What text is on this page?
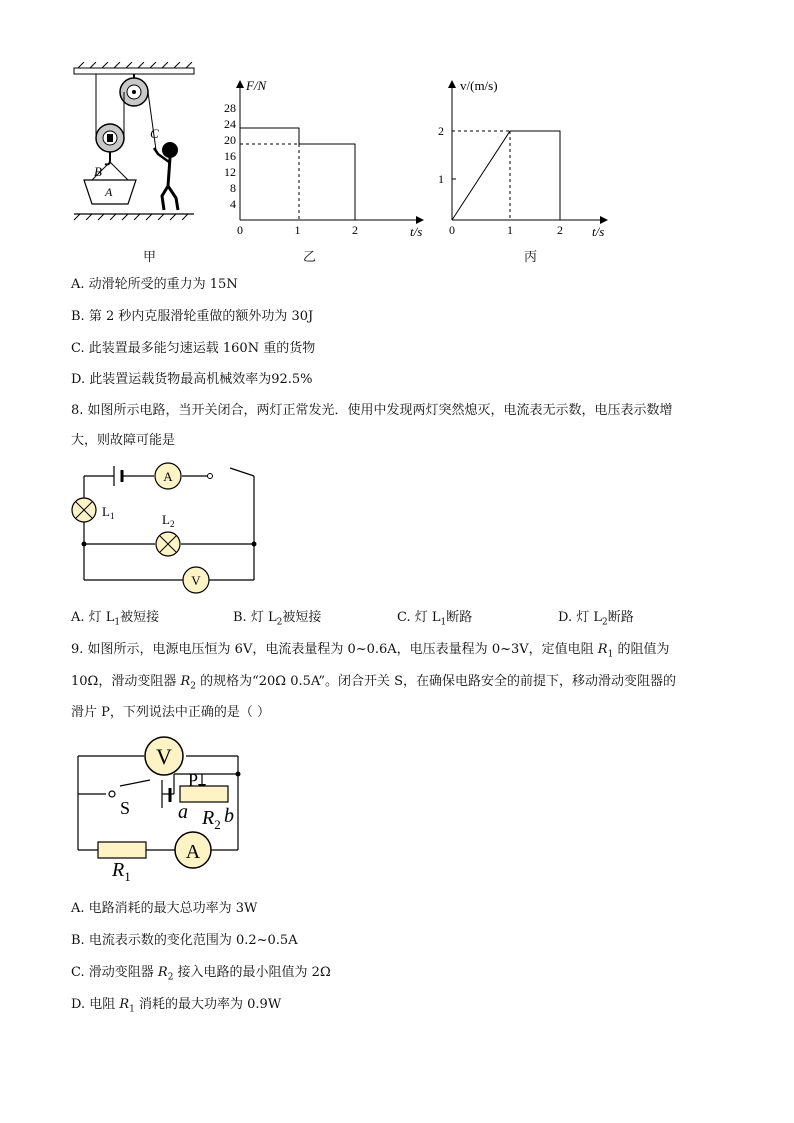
C
B
A
甲
F/N
t/s
28
24
20
16
12
8
4
0	1	2
乙
v/(m/s)
t/s
2
1
0	1	2
丙
A. 动滑轮所受的重力为 15N
B. 第 2 秒内克服滑轮重做的额外功为 30J
C. 此装置最多能匀速运载 160N 重的货物
D. 此装置运载货物最高机械效率为92.5%
8. 如图所示电路，当开关闭合，两灯正常发光．使用中发现两灯突然熄灭，电流表无示数，电压表示数增
大，则故障可能是
A
$L_1$	$L_2$
V
A. 灯 $L_1$被短接	B. 灯 $L_2$被短接	C. 灯 $L_1$断路	D. 灯 $L_2$断路
9. 如图所示，电源电压恒为 6V，电流表量程为 0~0.6A，电压表量程为 0~3V，定值电阻 $R_1$ 的阻值为
10Ω，滑动变阻器 $R_2$ 的规格为“20Ω 0.5A”。闭合开关 S，在确保电路安全的前提下，移动滑动变阻器的
滑片 P，下列说法中正确的是（ ）
V
S
P
a b
$R_2$
$R_1$
A
A. 电路消耗的最大总功率为 3W
B. 电流表示数的变化范围为 0.2~0.5A
C. 滑动变阻器 $R_2$ 接入电路的最小阻值为 2Ω
D. 电阻 $R_1$ 消耗的最大功率为 0.9W
